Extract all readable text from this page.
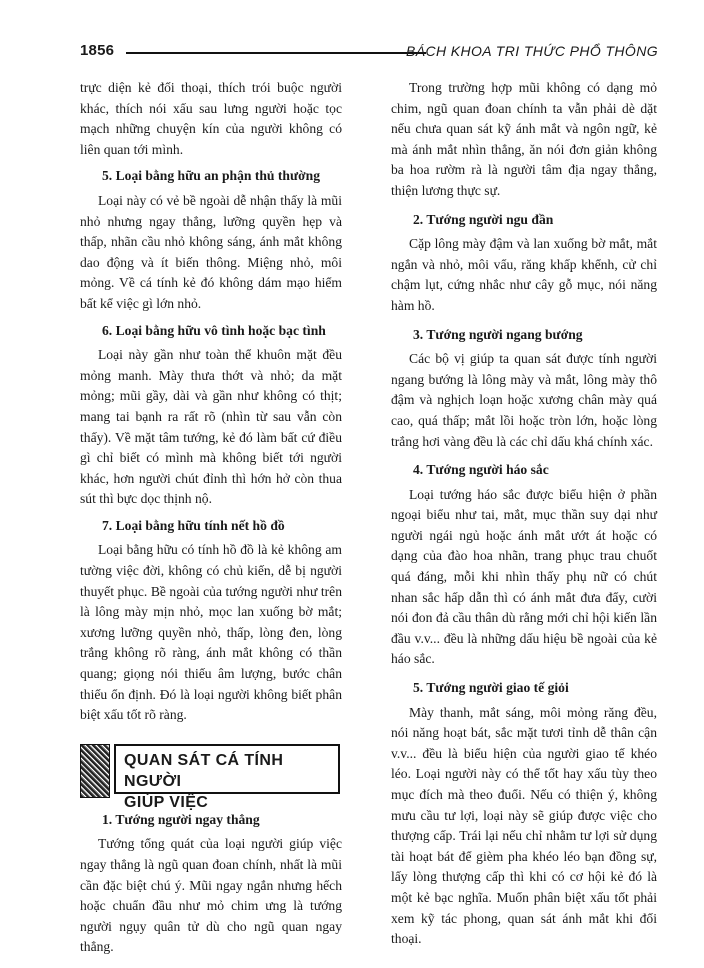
1856	BÁCH KHOA TRI THỨC PHỔ THÔNG

trực diện kẻ đối thoại, thích trói buộc người khác, thích nói xấu sau lưng người hoặc tọc mạch những chuyện kín của người không có liên quan tới mình.

5. Loại bằng hữu an phận thủ thường

Loại này có vẻ bề ngoài dễ nhận thấy là mũi nhỏ nhưng ngay thẳng, lưỡng quyền hẹp và thấp, nhãn cầu nhỏ không sáng, ánh mắt không dao động và ít biến thông. Miệng nhỏ, môi mỏng. Về cá tính kẻ đó không dám mạo hiểm bất kể việc gì lớn nhỏ.

6. Loại bằng hữu vô tình hoặc bạc tình

Loại này gần như toàn thể khuôn mặt đều mỏng manh. Mày thưa thớt và nhỏ; da mặt mỏng; mũi gầy, dài và gần như không có thịt; mang tai bạnh ra rất rõ (nhìn từ sau vẫn còn thấy). Về mặt tâm tướng, kẻ đó làm bất cứ điều gì chỉ biết có mình mà không biết tới người khác, hơn người chút đỉnh thì hớn hở còn thua sút thì bực dọc thịnh nộ.

7. Loại bằng hữu tính nết hồ đồ

Loại bằng hữu có tính hồ đồ là kẻ không am tường việc đời, không có chủ kiến, dễ bị người thuyết phục. Bề ngoài của tướng người như trên là lông mày mịn nhỏ, mọc lan xuống bờ mắt; xương lưỡng quyền nhỏ, thấp, lòng đen, lòng trắng không rõ ràng, ánh mắt không có thần quang; giọng nói thiếu âm lượng, bước chân thiếu ổn định. Đó là loại người không biết phân biệt xấu tốt rõ ràng.

QUAN SÁT CÁ TÍNH NGƯỜI
GIÚP VIỆC
1. Tướng người ngay thẳng

Tướng tổng quát của loại người giúp việc ngay thẳng là ngũ quan đoan chính, nhất là mũi cần đặc biệt chú ý. Mũi ngay ngắn nhưng hếch hoặc chuẩn đầu như mỏ chim ưng là tướng người ngụy quân tử dù cho ngũ quan ngay thẳng.

Trong trường hợp mũi không có dạng mỏ chim, ngũ quan đoan chính ta vẫn phải dè dặt nếu chưa quan sát kỹ ánh mắt và ngôn ngữ, kẻ mà ánh mắt nhìn thẳng, ăn nói đơn giản không ba hoa rườm rà là người tâm địa ngay thẳng, thiện lương thực sự.

2. Tướng người ngu đần

Cặp lông mày đậm và lan xuống bờ mắt, mắt ngắn và nhỏ, môi vẩu, răng khấp khểnh, cử chỉ chậm lụt, cứng nhắc như cây gỗ mục, nói năng hàm hồ.

3. Tướng người ngang bướng

Các bộ vị giúp ta quan sát được tính người ngang bướng là lông mày và mắt, lông mày thô đậm và nghịch loạn hoặc xương chân mày quá cao, quá thấp; mắt lồi hoặc tròn lớn, hoặc lòng trắng hơi vàng đều là các chỉ dấu khá chính xác.

4. Tướng người háo sắc

Loại tướng háo sắc được biểu hiện ở phần ngoại biểu như tai, mắt, mục thần suy dại như người ngái ngủ hoặc ánh mắt ướt át hoặc có dạng của đào hoa nhãn, trang phục trau chuốt quá đáng, mỗi khi nhìn thấy phụ nữ có chút nhan sắc hấp dẫn thì có ánh mắt đưa đẩy, cười nói đon đả cầu thân dù rằng mới chỉ hội kiến lần đầu v.v... đều là những dấu hiệu bề ngoài của kẻ háo sắc.

5. Tướng người giao tế giỏi

Mày thanh, mắt sáng, môi mỏng răng đều, nói năng hoạt bát, sắc mặt tươi tỉnh dễ thân cận v.v... đều là biểu hiện của người giao tế khéo léo. Loại người này có thể tốt hay xấu tùy theo mục đích mà theo đuổi. Nếu có thiện ý, không mưu cầu tư lợi, loại này sẽ giúp được việc cho thượng cấp. Trái lại nếu chỉ nhằm tư lợi sử dụng tài hoạt bát để gièm pha khéo léo bạn đồng sự, lấy lòng thượng cấp thì khi có cơ hội kẻ đó là một kẻ bạc nghĩa. Muốn phân biệt xấu tốt phải xem kỹ tác phong, quan sát ánh mắt khi đối thoại.
